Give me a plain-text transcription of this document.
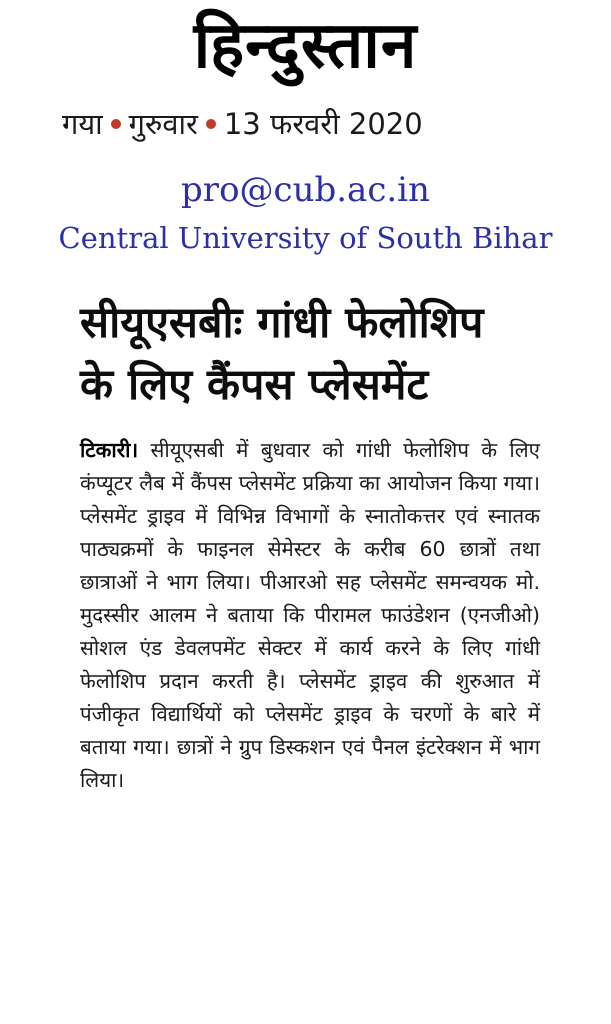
हिन्दुस्तान
गया गुरुवार 13 फरवरी 2020
pro@cub.ac.in
Central University of South Bihar
सीयूएसबीः गांधी फेलोशिप
के लिए कैंपस प्लेसमेंट
टिकारी। सीयूएसबी में बुधवार को गांधी फेलोशिप के लिए कंप्यूटर लैब में कैंपस प्लेसमेंट प्रक्रिया का आयोजन किया गया। प्लेसमेंट ड्राइव में विभिन्न विभागों के स्नातोकत्तर एवं स्नातक पाठ्यक्रमों के फाइनल सेमेस्टर के करीब 60 छात्रों तथा छात्राओं ने भाग लिया। पीआरओ सह प्लेसमेंट समन्वयक मो. मुदस्सीर आलम ने बताया कि पीरामल फाउंडेशन (एनजीओ) सोशल एंड डेवलपमेंट सेक्टर में कार्य करने के लिए गांधी फेलोशिप प्रदान करती है। प्लेसमेंट ड्राइव की शुरुआत में पंजीकृत विद्यार्थियों को प्लेसमेंट ड्राइव के चरणों के बारे में बताया गया। छात्रों ने ग्रुप डिस्कशन एवं पैनल इंटरेक्शन में भाग लिया।
